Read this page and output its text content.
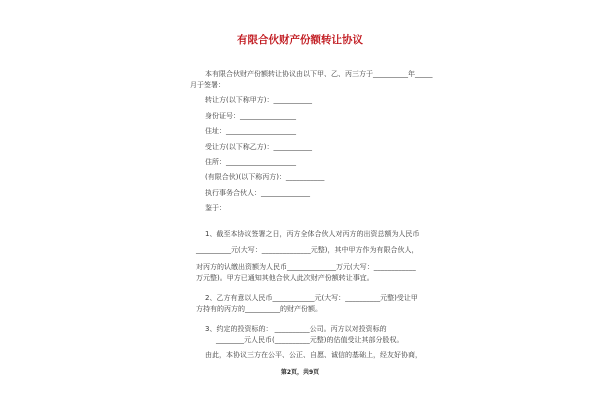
有限合伙财产份额转让协议
本有限合伙财产份额转让协议由以下甲、乙、丙三方于__________年_____
月于签署：
转让方(以下称甲方)：___________
身份证号：________________
住址：____________________
受让方(以下称乙方)：___________
住所：____________________
(有限合伙)(以下称丙方)：___________
执行事务合伙人：______________
鉴于：
1、截至本协议签署之日，丙方全体合伙人对丙方的出资总额为人民币
__________元(大写：______________元整)，其中甲方作为有限合伙人，
对丙方的认缴出资额为人民币______________万元(大写：____________
万元整)。甲方已通知其他合伙人此次财产份额转让事宜。
2、乙方有意以人民币____________元(大写：__________元整)受让甲
方持有的丙方的__________的财产份额。
3、约定的投资标的： __________公司。丙方以对投资标的
________元人民币(__________元整)的估值受让其部分股权。
由此，本协议三方在公平、公正、自愿、诚信的基础上，经友好协商，
第2页，共9页
